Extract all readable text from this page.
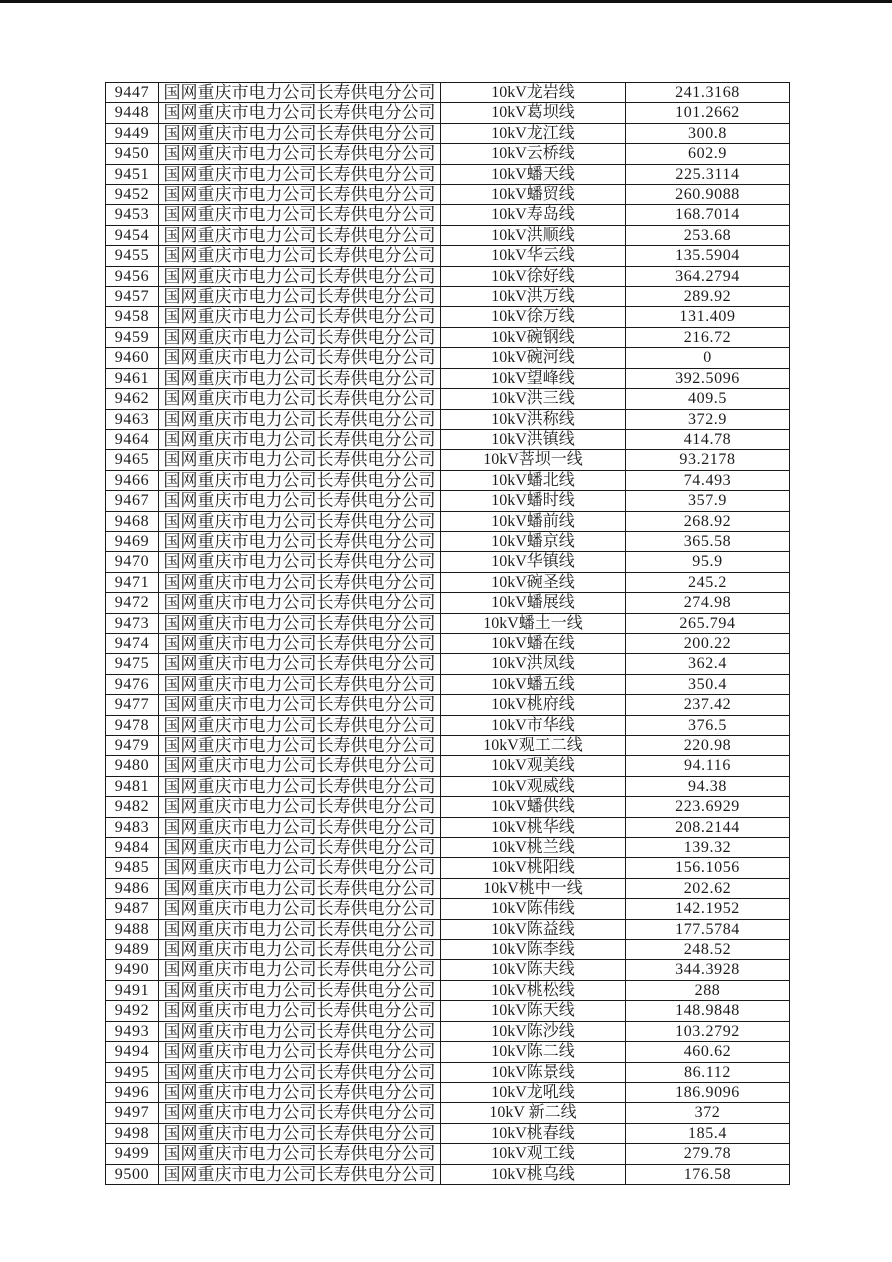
9447	国网重庆市电力公司长寿供电分公司	10kV龙岩线	241.3168
9448	国网重庆市电力公司长寿供电分公司	10kV葛坝线	101.2662
9449	国网重庆市电力公司长寿供电分公司	10kV龙江线	300.8
9450	国网重庆市电力公司长寿供电分公司	10kV云桥线	602.9
9451	国网重庆市电力公司长寿供电分公司	10kV蟠天线	225.3114
9452	国网重庆市电力公司长寿供电分公司	10kV蟠贸线	260.9088
9453	国网重庆市电力公司长寿供电分公司	10kV寿岛线	168.7014
9454	国网重庆市电力公司长寿供电分公司	10kV洪顺线	253.68
9455	国网重庆市电力公司长寿供电分公司	10kV华云线	135.5904
9456	国网重庆市电力公司长寿供电分公司	10kV徐好线	364.2794
9457	国网重庆市电力公司长寿供电分公司	10kV洪万线	289.92
9458	国网重庆市电力公司长寿供电分公司	10kV徐万线	131.409
9459	国网重庆市电力公司长寿供电分公司	10kV碗钢线	216.72
9460	国网重庆市电力公司长寿供电分公司	10kV碗河线	0
9461	国网重庆市电力公司长寿供电分公司	10kV望峰线	392.5096
9462	国网重庆市电力公司长寿供电分公司	10kV洪三线	409.5
9463	国网重庆市电力公司长寿供电分公司	10kV洪称线	372.9
9464	国网重庆市电力公司长寿供电分公司	10kV洪镇线	414.78
9465	国网重庆市电力公司长寿供电分公司	10kV菩坝一线	93.2178
9466	国网重庆市电力公司长寿供电分公司	10kV蟠北线	74.493
9467	国网重庆市电力公司长寿供电分公司	10kV蟠时线	357.9
9468	国网重庆市电力公司长寿供电分公司	10kV蟠前线	268.92
9469	国网重庆市电力公司长寿供电分公司	10kV蟠京线	365.58
9470	国网重庆市电力公司长寿供电分公司	10kV华镇线	95.9
9471	国网重庆市电力公司长寿供电分公司	10kV碗圣线	245.2
9472	国网重庆市电力公司长寿供电分公司	10kV蟠展线	274.98
9473	国网重庆市电力公司长寿供电分公司	10kV蟠土一线	265.794
9474	国网重庆市电力公司长寿供电分公司	10kV蟠在线	200.22
9475	国网重庆市电力公司长寿供电分公司	10kV洪凤线	362.4
9476	国网重庆市电力公司长寿供电分公司	10kV蟠五线	350.4
9477	国网重庆市电力公司长寿供电分公司	10kV桃府线	237.42
9478	国网重庆市电力公司长寿供电分公司	10kV市华线	376.5
9479	国网重庆市电力公司长寿供电分公司	10kV观工二线	220.98
9480	国网重庆市电力公司长寿供电分公司	10kV观美线	94.116
9481	国网重庆市电力公司长寿供电分公司	10kV观威线	94.38
9482	国网重庆市电力公司长寿供电分公司	10kV蟠供线	223.6929
9483	国网重庆市电力公司长寿供电分公司	10kV桃华线	208.2144
9484	国网重庆市电力公司长寿供电分公司	10kV桃兰线	139.32
9485	国网重庆市电力公司长寿供电分公司	10kV桃阳线	156.1056
9486	国网重庆市电力公司长寿供电分公司	10kV桃中一线	202.62
9487	国网重庆市电力公司长寿供电分公司	10kV陈伟线	142.1952
9488	国网重庆市电力公司长寿供电分公司	10kV陈益线	177.5784
9489	国网重庆市电力公司长寿供电分公司	10kV陈李线	248.52
9490	国网重庆市电力公司长寿供电分公司	10kV陈夫线	344.3928
9491	国网重庆市电力公司长寿供电分公司	10kV桃松线	288
9492	国网重庆市电力公司长寿供电分公司	10kV陈天线	148.9848
9493	国网重庆市电力公司长寿供电分公司	10kV陈沙线	103.2792
9494	国网重庆市电力公司长寿供电分公司	10kV陈二线	460.62
9495	国网重庆市电力公司长寿供电分公司	10kV陈景线	86.112
9496	国网重庆市电力公司长寿供电分公司	10kV龙吼线	186.9096
9497	国网重庆市电力公司长寿供电分公司	10kV 新二线	372
9498	国网重庆市电力公司长寿供电分公司	10kV桃春线	185.4
9499	国网重庆市电力公司长寿供电分公司	10kV观工线	279.78
9500	国网重庆市电力公司长寿供电分公司	10kV桃乌线	176.58
